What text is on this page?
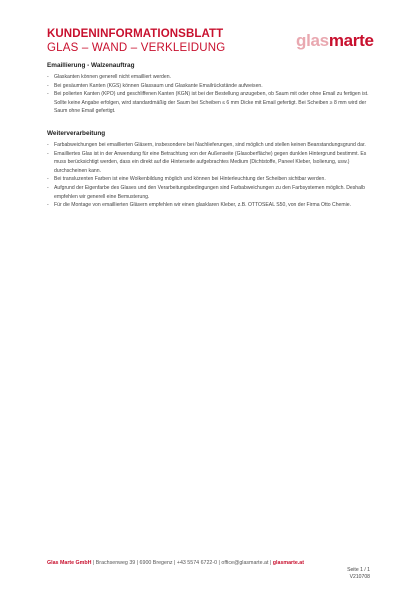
KUNDENINFORMATIONSBLATT
GLAS – WAND – VERKLEIDUNG	glasmarte
Emaillierung - Walzenauftrag
- Glaskanten können generell nicht emailliert werden.
- Bei gesäumten Kanten (KGS) können Glassaum und Glaskante Emailrückstände aufweisen.
- Bei polierten Kanten (KPO) und geschliffenen Kanten (KGN) ist bei der Bestellung anzugeben, ob Saum mit oder ohne Email zu fertigen ist. Sollte keine Angabe erfolgen, wird standardmäßig der Saum bei Scheiben ≤ 6 mm Dicke mit Email gefertigt. Bei Scheiben ≥ 8 mm wird der Saum ohne Email gefertigt.
Weiterverarbeitung
- Farbabweichungen bei emaillierten Gläsern, insbesondere bei Nachlieferungen, sind möglich und stellen keinen Beanstandungsgrund dar.
- Emailliertes Glas ist in der Anwendung für eine Betrachtung von der Außenseite (Glasoberfläche) gegen dunklen Hintergrund bestimmt. Es muss berücksichtigt werden, dass ein direkt auf die Hinterseite aufgebrachtes Medium (Dichtstoffe, Paneel Kleber, Isolierung, usw.) durchscheinen kann.
- Bei transluzenten Farben ist eine Wolkenbildung möglich und können bei Hinterleuchtung der Scheiben sichtbar werden.
- Aufgrund der Eigenfarbe des Glases und den Verarbeitungsbedingungen sind Farbabweichungen zu den Farbsystemen möglich. Deshalb empfehlen wir generell eine Bemusterung.
- Für die Montage von emaillierten Gläsern empfehlen wir einen glasklaren Kleber, z.B. OTTOSEAL S50, von der Firma Otto Chemie.
Glas Marte GmbH | Brachsenweg 39 | 6900 Bregenz | +43 5574 6722-0 | office@glasmarte.at | glasmarte.at
Seite 1 / 1
V210708
